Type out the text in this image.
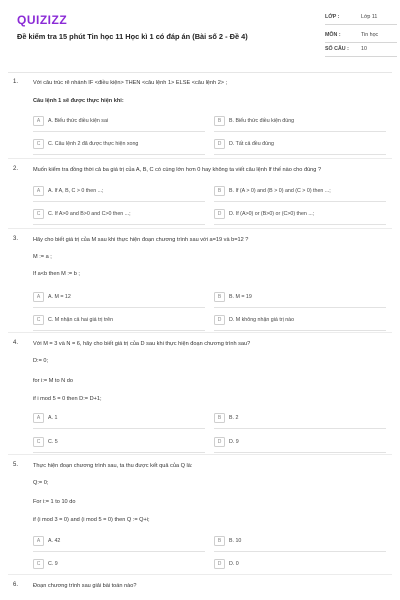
QUIZIZZ
Đề kiểm tra 15 phút Tin học 11 Học kì 1 có đáp án (Bài số 2 - Đề 4)
LỚP :	Lớp 11
MÔN :	Tin học
SỐ CÂU :	10
1.	Với câu trúc rẽ nhánh IF <điều kiện> THEN <câu lệnh 1> ELSE <câu lệnh 2> ;
Câu lệnh 1 sẽ được thực hiện khi:
A	A. Biểu thức điều kiện sai	B	B. Biểu thức điều kiện đúng
C	C. Câu lệnh 2 đã được thực hiện xong	D	D. Tất cả đều đúng
2.	Muốn kiểm tra đồng thời cả ba giá trị của A, B, C có cùng lớn hơn 0 hay không ta viết câu lệnh If thế nào cho đúng ?
A	A. If A, B, C > 0 then ...;	B	B. If (A > 0) and (B > 0) and (C > 0) then ...;
C	C. If A>0 and B>0 and C>0 then ...;	D	D. If (A>0) or (B>0) or (C>0) then ...;
3.	Hãy cho biết giá trị của M sau khi thực hiện đoạn chương trình sau với a=19 và b=12 ?
M := a ;
If a<b then M := b ;
A	A. M = 12	B	B. M = 19
C	C. M nhận cả hai giá trị trên	D	D. M không nhận giá trị nào
4.	Với M = 3 và N = 6, hãy cho biết giá trị của D sau khi thực hiện đoạn chương trình sau?
D:= 0;
for i:= M to N do
if i mod 5 = 0 then D:= D+1;
A	A. 1	B	B. 2
C	C. 5	D	D. 9
5.	Thực hiện đoạn chương trình sau, ta thu được kết quả của Q là:
Q:= 0;
For i:= 1 to 10 do
if (i mod 3 = 0) and (i mod 5 = 0) then Q := Q+i;
A	A. 42	B	B. 10
C	C. 9	D	D. 0
6.	Đoạn chương trình sau giải bài toán nào?
